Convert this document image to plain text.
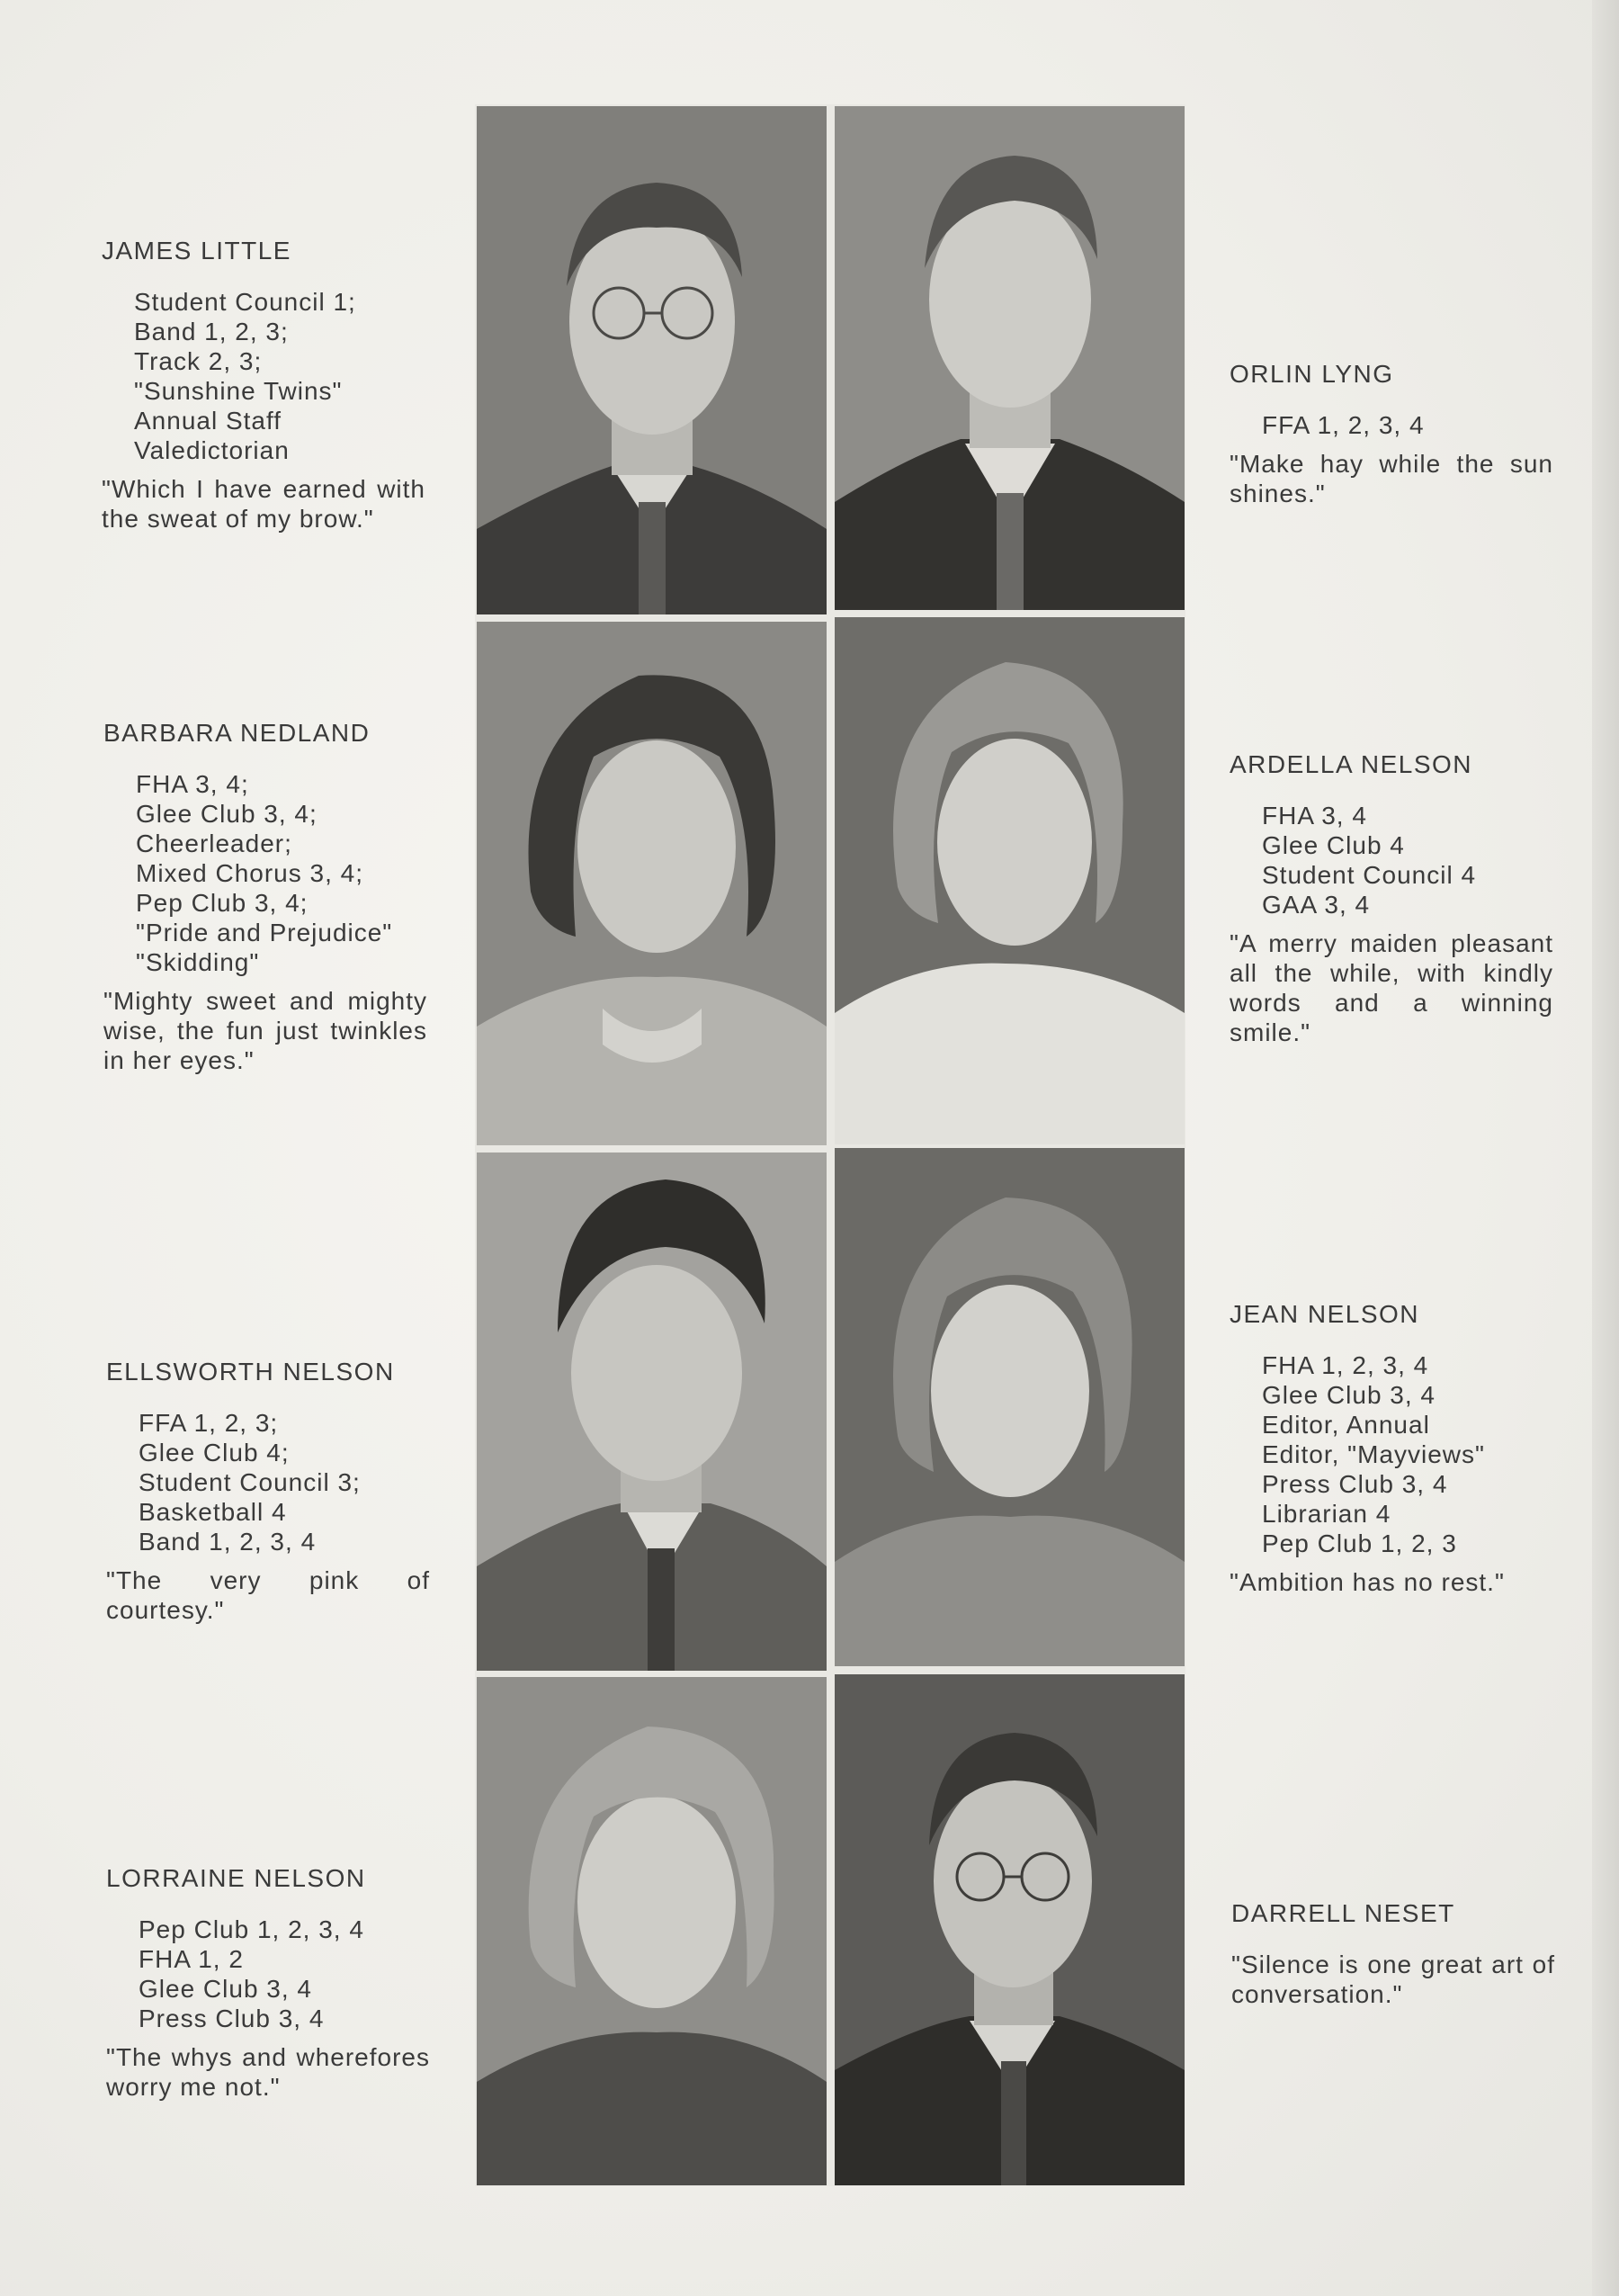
JAMES LITTLE
Student Council 1;
Band 1, 2, 3;
Track 2, 3;
"Sunshine Twins"
Annual Staff
Valedictorian

"Which I have earned with the sweat of my brow."

BARBARA NEDLAND
FHA 3, 4;
Glee Club 3, 4;
Cheerleader;
Mixed Chorus 3, 4;
Pep Club 3, 4;
"Pride and Prejudice"
"Skidding"

"Mighty sweet and mighty wise, the fun just twinkles in her eyes."

ELLSWORTH NELSON
FFA 1, 2, 3;
Glee Club 4;
Student Council 3;
Basketball 4
Band 1, 2, 3, 4

"The very pink of courtesy."

LORRAINE NELSON
Pep Club 1, 2, 3, 4
FHA 1, 2
Glee Club 3, 4
Press Club 3, 4

"The whys and wherefores worry me not."

ORLIN LYNG
FFA 1, 2, 3, 4

"Make hay while the sun shines."

ARDELLA NELSON
FHA 3, 4
Glee Club 4
Student Council 4
GAA 3, 4

"A merry maiden pleasant all the while, with kindly words and a winning smile."

JEAN NELSON
FHA 1, 2, 3, 4
Glee Club 3, 4
Editor, Annual
Editor, "Mayviews"
Press Club 3, 4
Librarian 4
Pep Club 1, 2, 3

"Ambition has no rest."

DARRELL NESET

"Silence is one great art of conversation."
